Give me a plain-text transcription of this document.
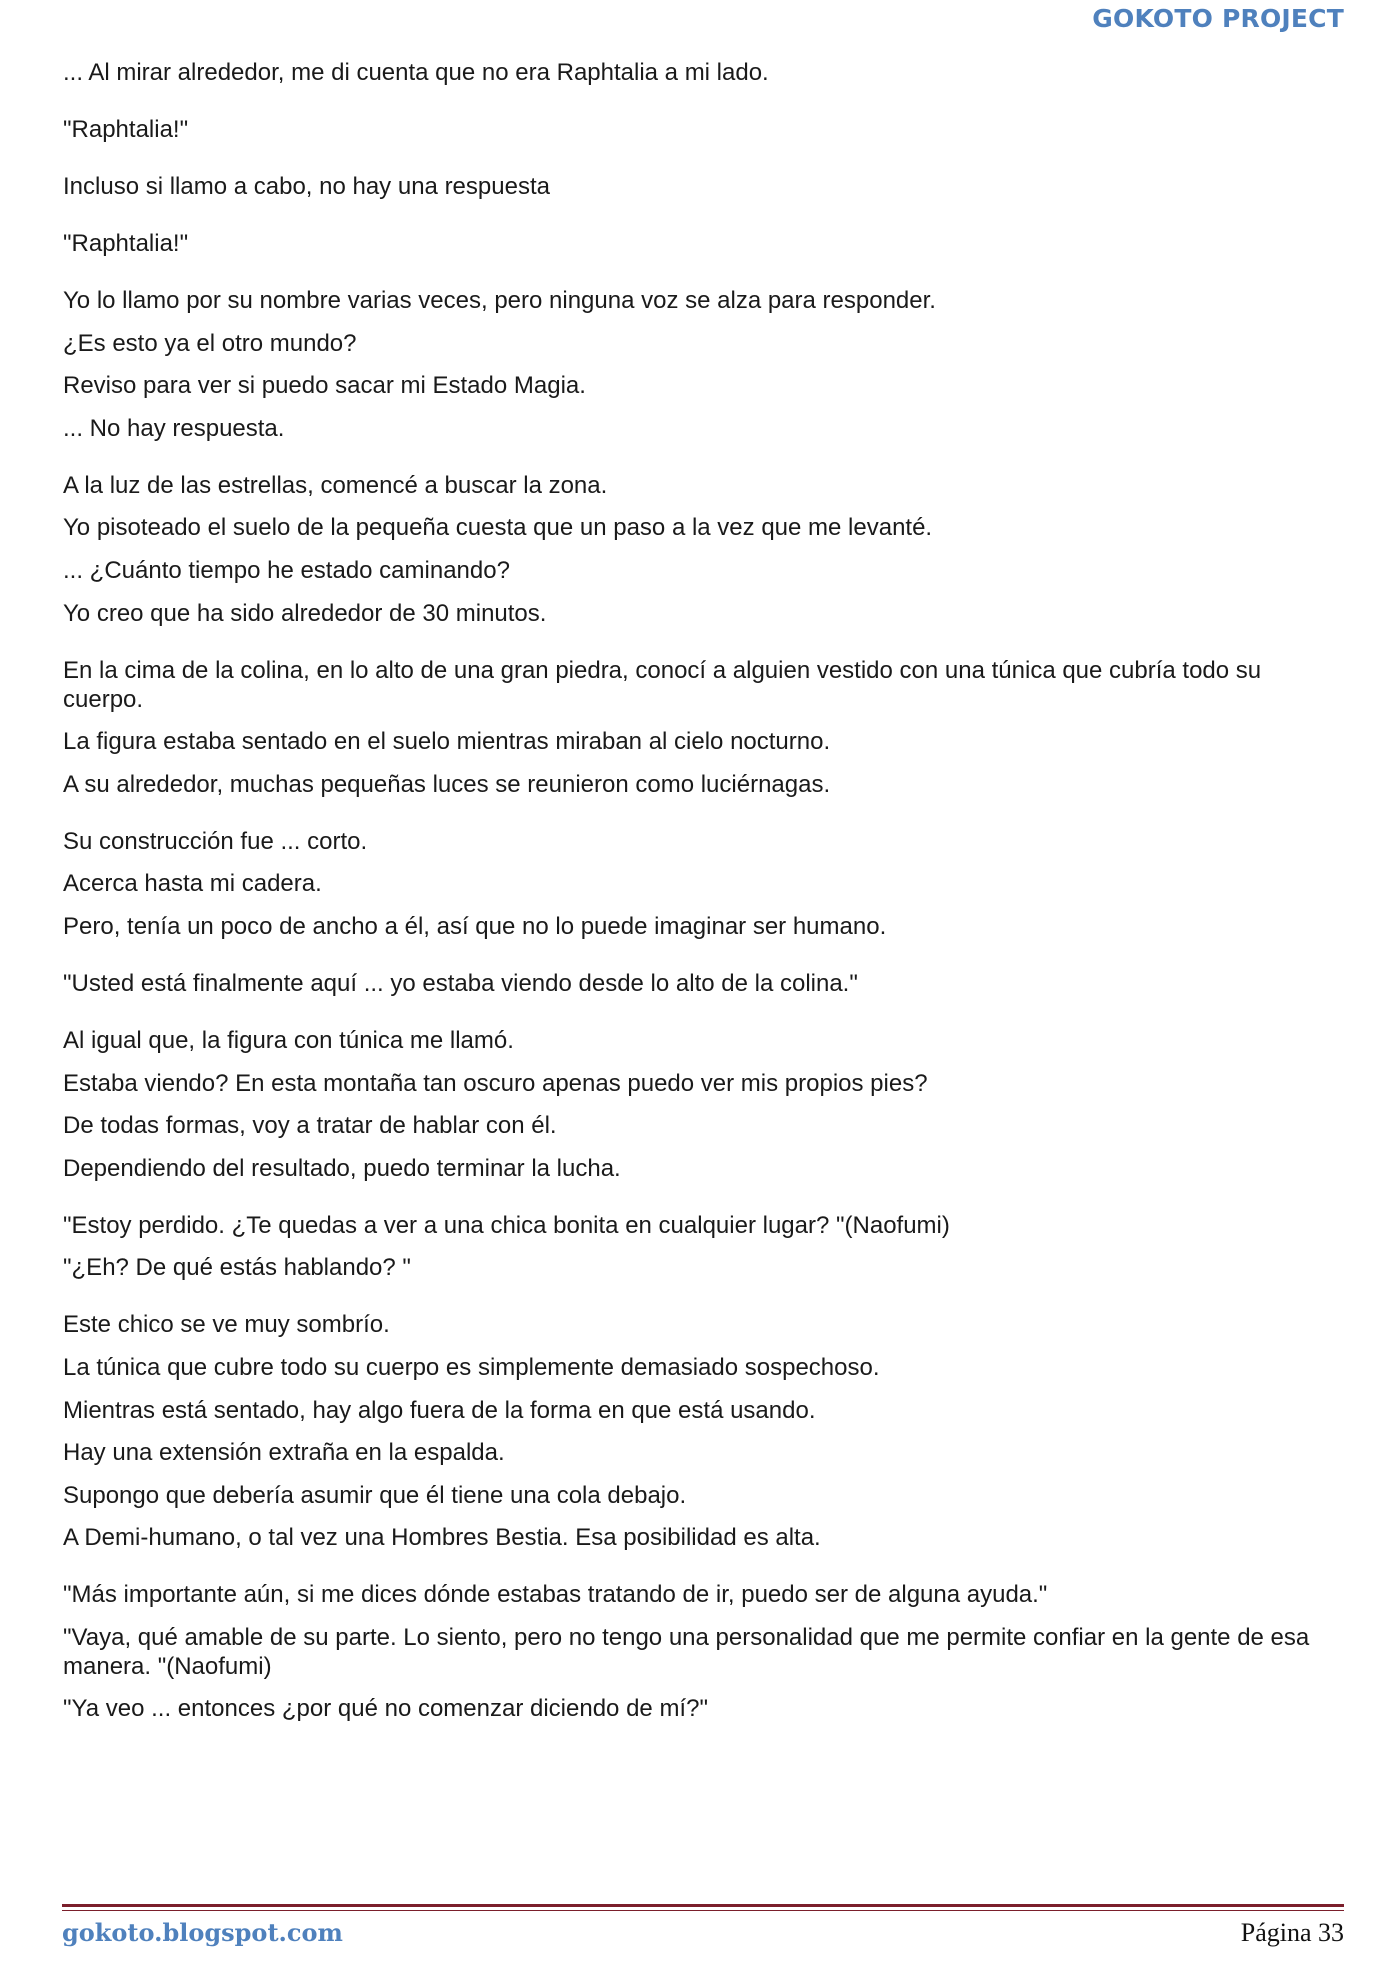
GOKOTO PROJECT
... Al mirar alrededor, me di cuenta que no era Raphtalia a mi lado.
"Raphtalia!"
Incluso si llamo a cabo, no hay una respuesta
"Raphtalia!"
Yo lo llamo por su nombre varias veces, pero ninguna voz se alza para responder.
¿Es esto ya el otro mundo?
Reviso para ver si puedo sacar mi Estado Magia.
... No hay respuesta.
A la luz de las estrellas, comencé a buscar la zona.
Yo pisoteado el suelo de la pequeña cuesta que un paso a la vez que me levanté.
... ¿Cuánto tiempo he estado caminando?
Yo creo que ha sido alrededor de 30 minutos.
En la cima de la colina, en lo alto de una gran piedra, conocí a alguien vestido con una túnica que cubría todo su cuerpo.
La figura estaba sentado en el suelo mientras miraban al cielo nocturno.
A su alrededor, muchas pequeñas luces se reunieron como luciérnagas.
Su construcción fue ... corto.
Acerca hasta mi cadera.
Pero, tenía un poco de ancho a él, así que no lo puede imaginar ser humano.
"Usted está finalmente aquí ... yo estaba viendo desde lo alto de la colina."
Al igual que, la figura con túnica me llamó.
Estaba viendo? En esta montaña tan oscuro apenas puedo ver mis propios pies?
De todas formas, voy a tratar de hablar con él.
Dependiendo del resultado, puedo terminar la lucha.
"Estoy perdido. ¿Te quedas a ver a una chica bonita en cualquier lugar? "(Naofumi)
"¿Eh? De qué estás hablando? "
Este chico se ve muy sombrío.
La túnica que cubre todo su cuerpo es simplemente demasiado sospechoso.
Mientras está sentado, hay algo fuera de la forma en que está usando.
Hay una extensión extraña en la espalda.
Supongo que debería asumir que él tiene una cola debajo.
A Demi-humano, o tal vez una Hombres Bestia. Esa posibilidad es alta.
"Más importante aún, si me dices dónde estabas tratando de ir, puedo ser de alguna ayuda."
"Vaya, qué amable de su parte. Lo siento, pero no tengo una personalidad que me permite confiar en la gente de esa manera. "(Naofumi)
"Ya veo ... entonces ¿por qué no comenzar diciendo de mí?"
gokoto.blogspot.com	Página 33
